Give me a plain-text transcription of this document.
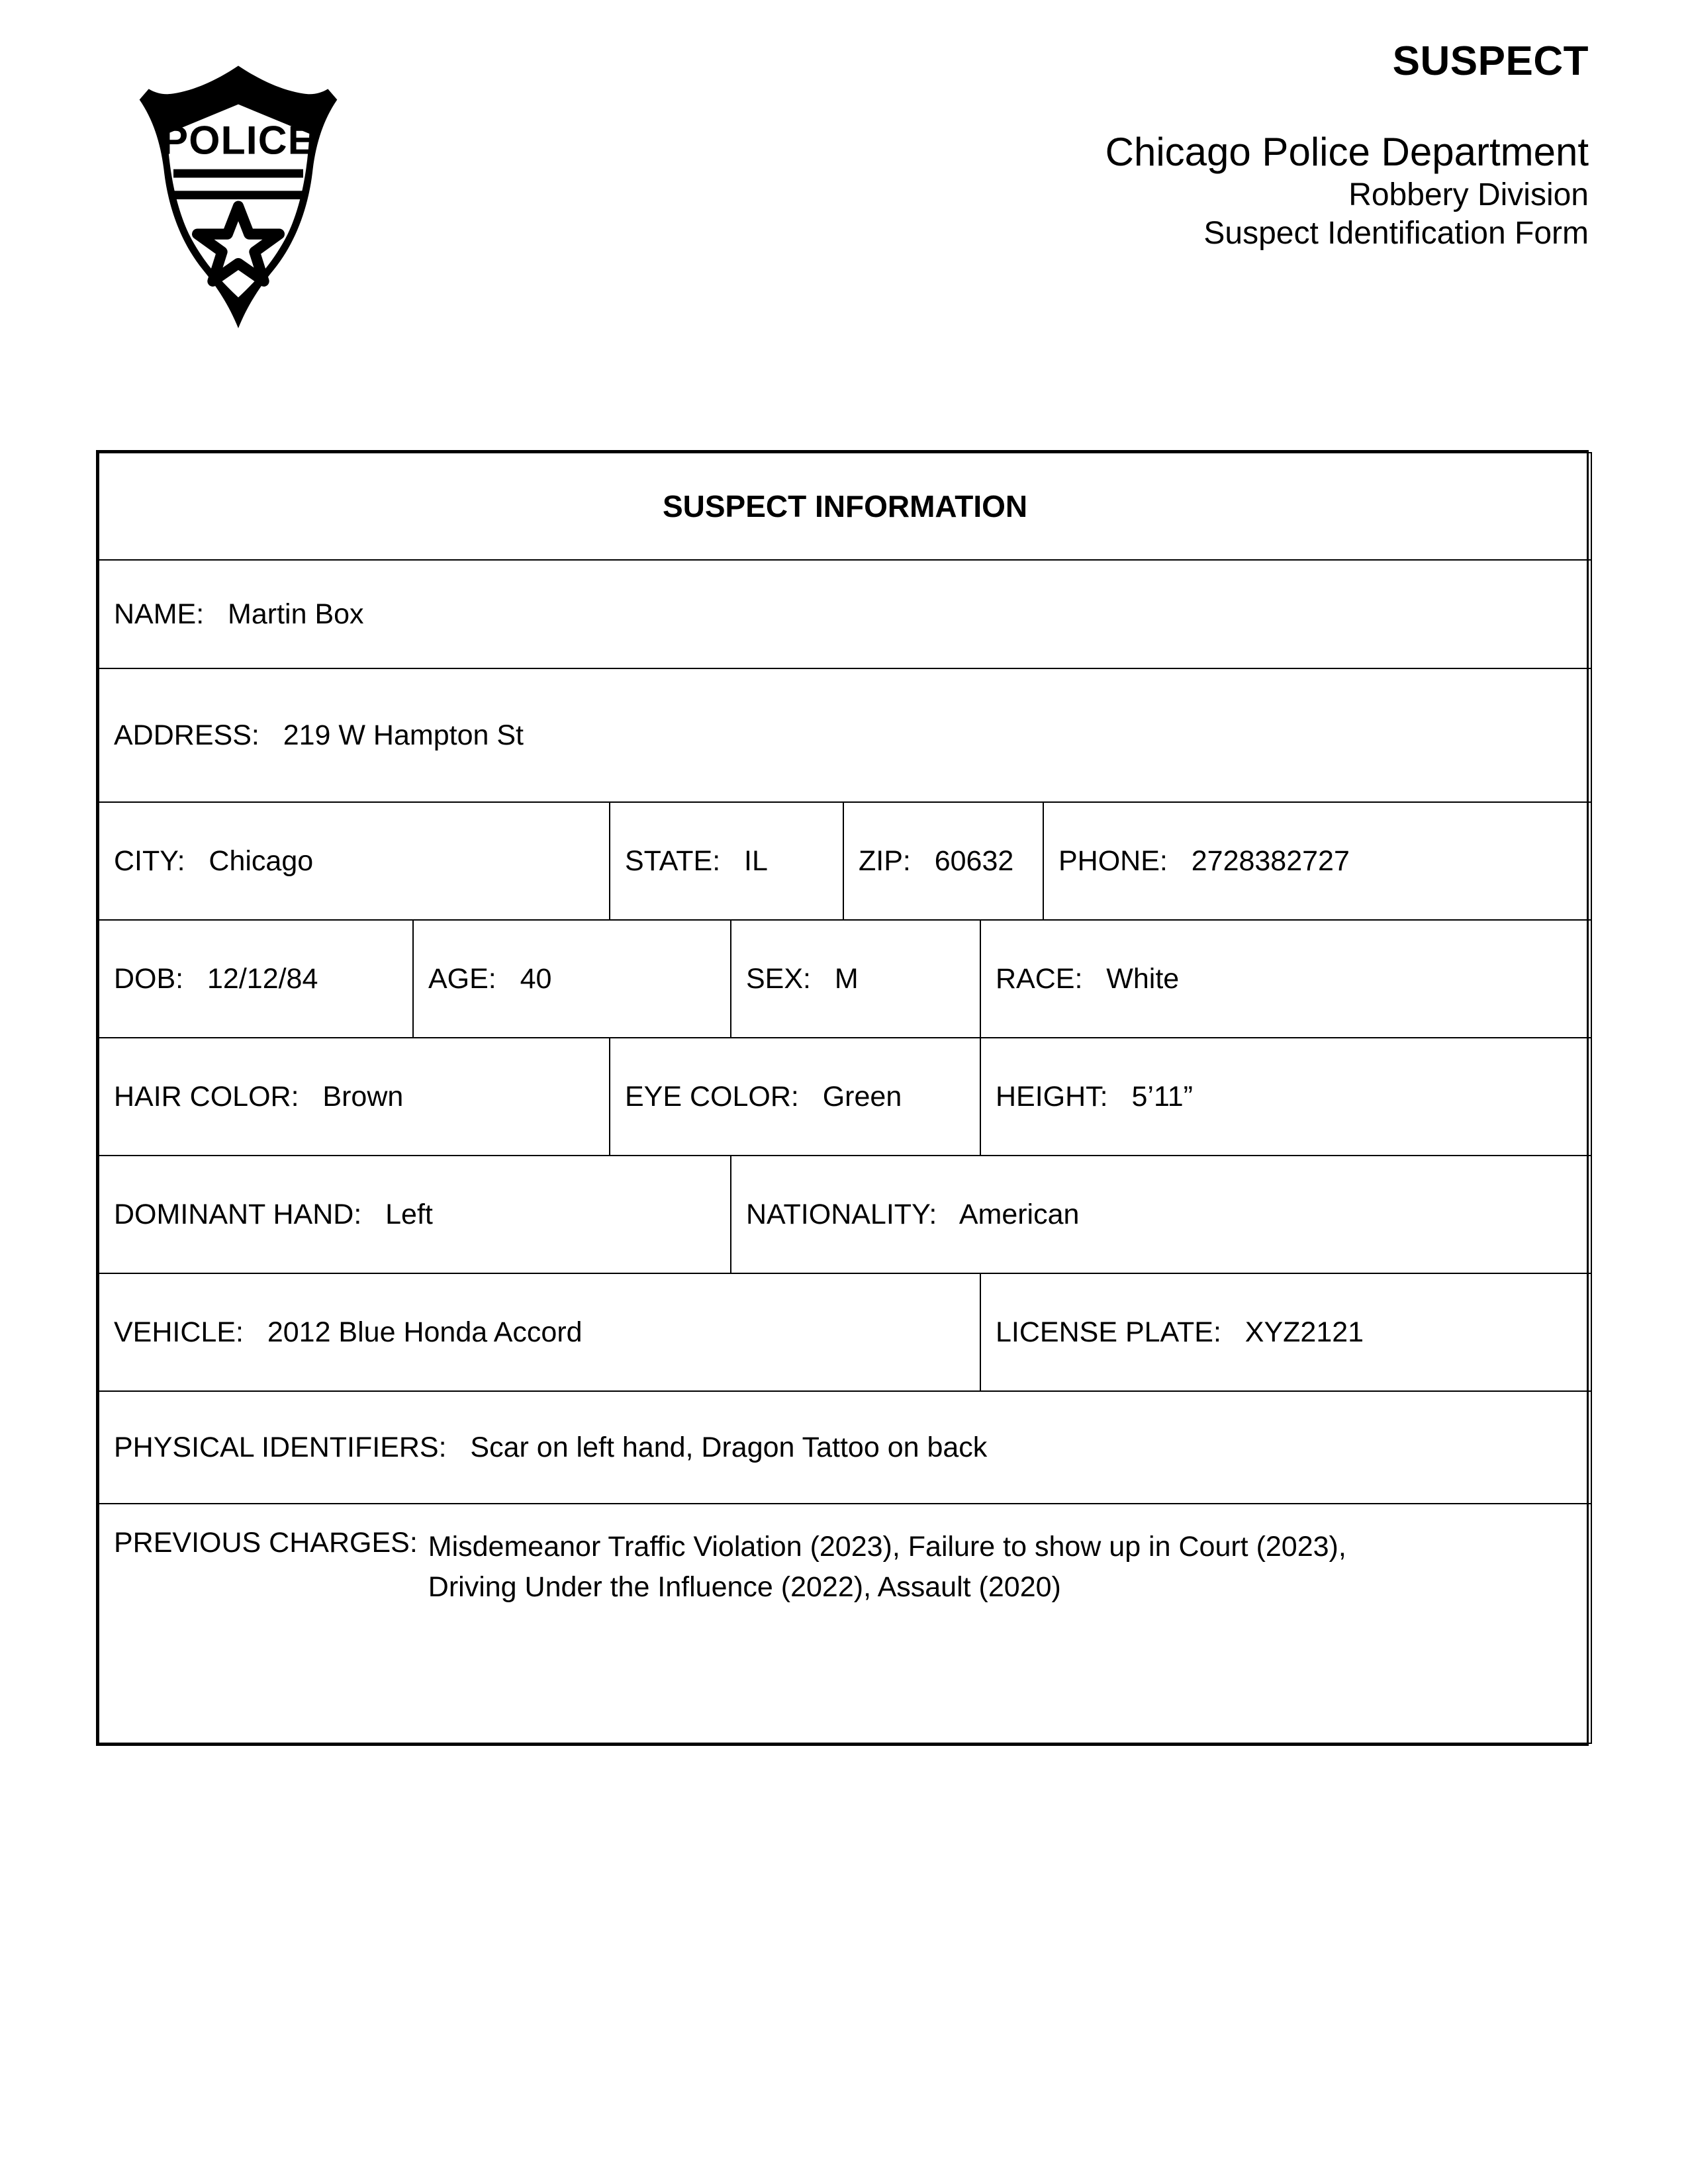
POLICE
SUSPECT
Chicago Police Department
Robbery Division
Suspect Identification Form
SUSPECT INFORMATION						

NAME: Martin Box						

ADDRESS: 219 W Hampton St						

CITY: Chicago		STATE: IL		ZIP: 60632		PHONE: 2728382727

DOB: 12/12/84	AGE: 40		SEX: M		RACE: White	

HAIR COLOR: Brown		EYE COLOR: Green			HEIGHT: 5’11”	

DOMINANT HAND: Left			NATIONALITY: American			

VEHICLE: 2012 Blue Honda Accord					LICENSE PLATE: XYZ2121	

PHYSICAL IDENTIFIERS: Scar on left hand, Dragon Tattoo on back						

PREVIOUS CHARGES: Misdemeanor Traffic Violation (2023), Failure to show up in Court (2023), Driving Under the Influence (2022), Assault (2020)						
